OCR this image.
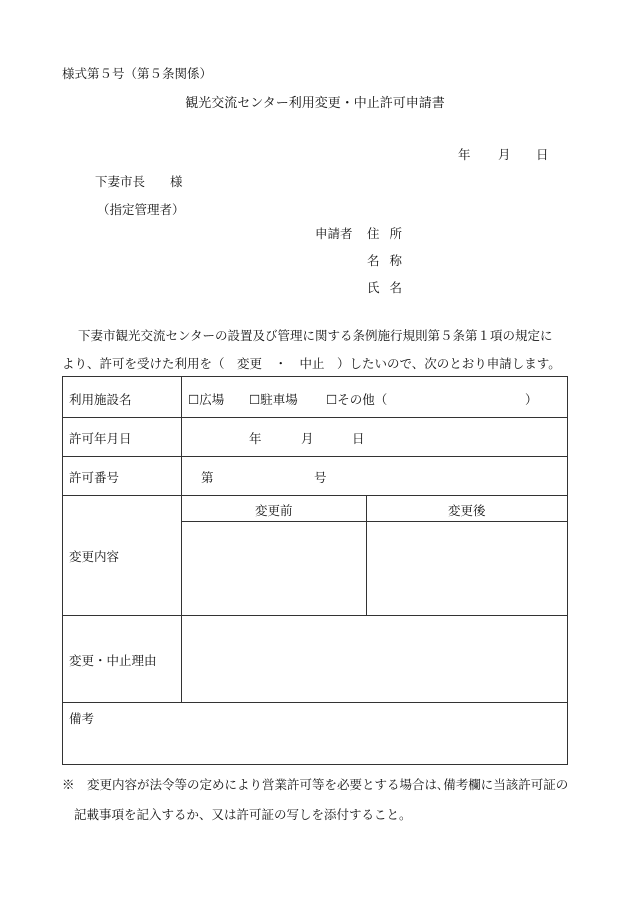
様式第５号（第５条関係）
観光交流センター利用変更・中止許可申請書
年 月 日
下妻市長　　様
（指定管理者）
申請者 住所
名称
氏名
下妻市観光交流センターの設置及び管理に関する条例施行規則第５条第１項の規定に
より、許可を受けた利用を（　変更　・　中止　）したいので、次のとおり申請します。
利用施設名	☐広場 ☐駐車場 ☐その他（	）
許可年月日	年	月	日
許可番号	第	号
変更内容
変更前	変更後
変更・中止理由
備考
※　変更内容が法令等の定めにより営業許可等を必要とする場合は､備考欄に当該許可証の
記載事項を記入するか、又は許可証の写しを添付すること。
